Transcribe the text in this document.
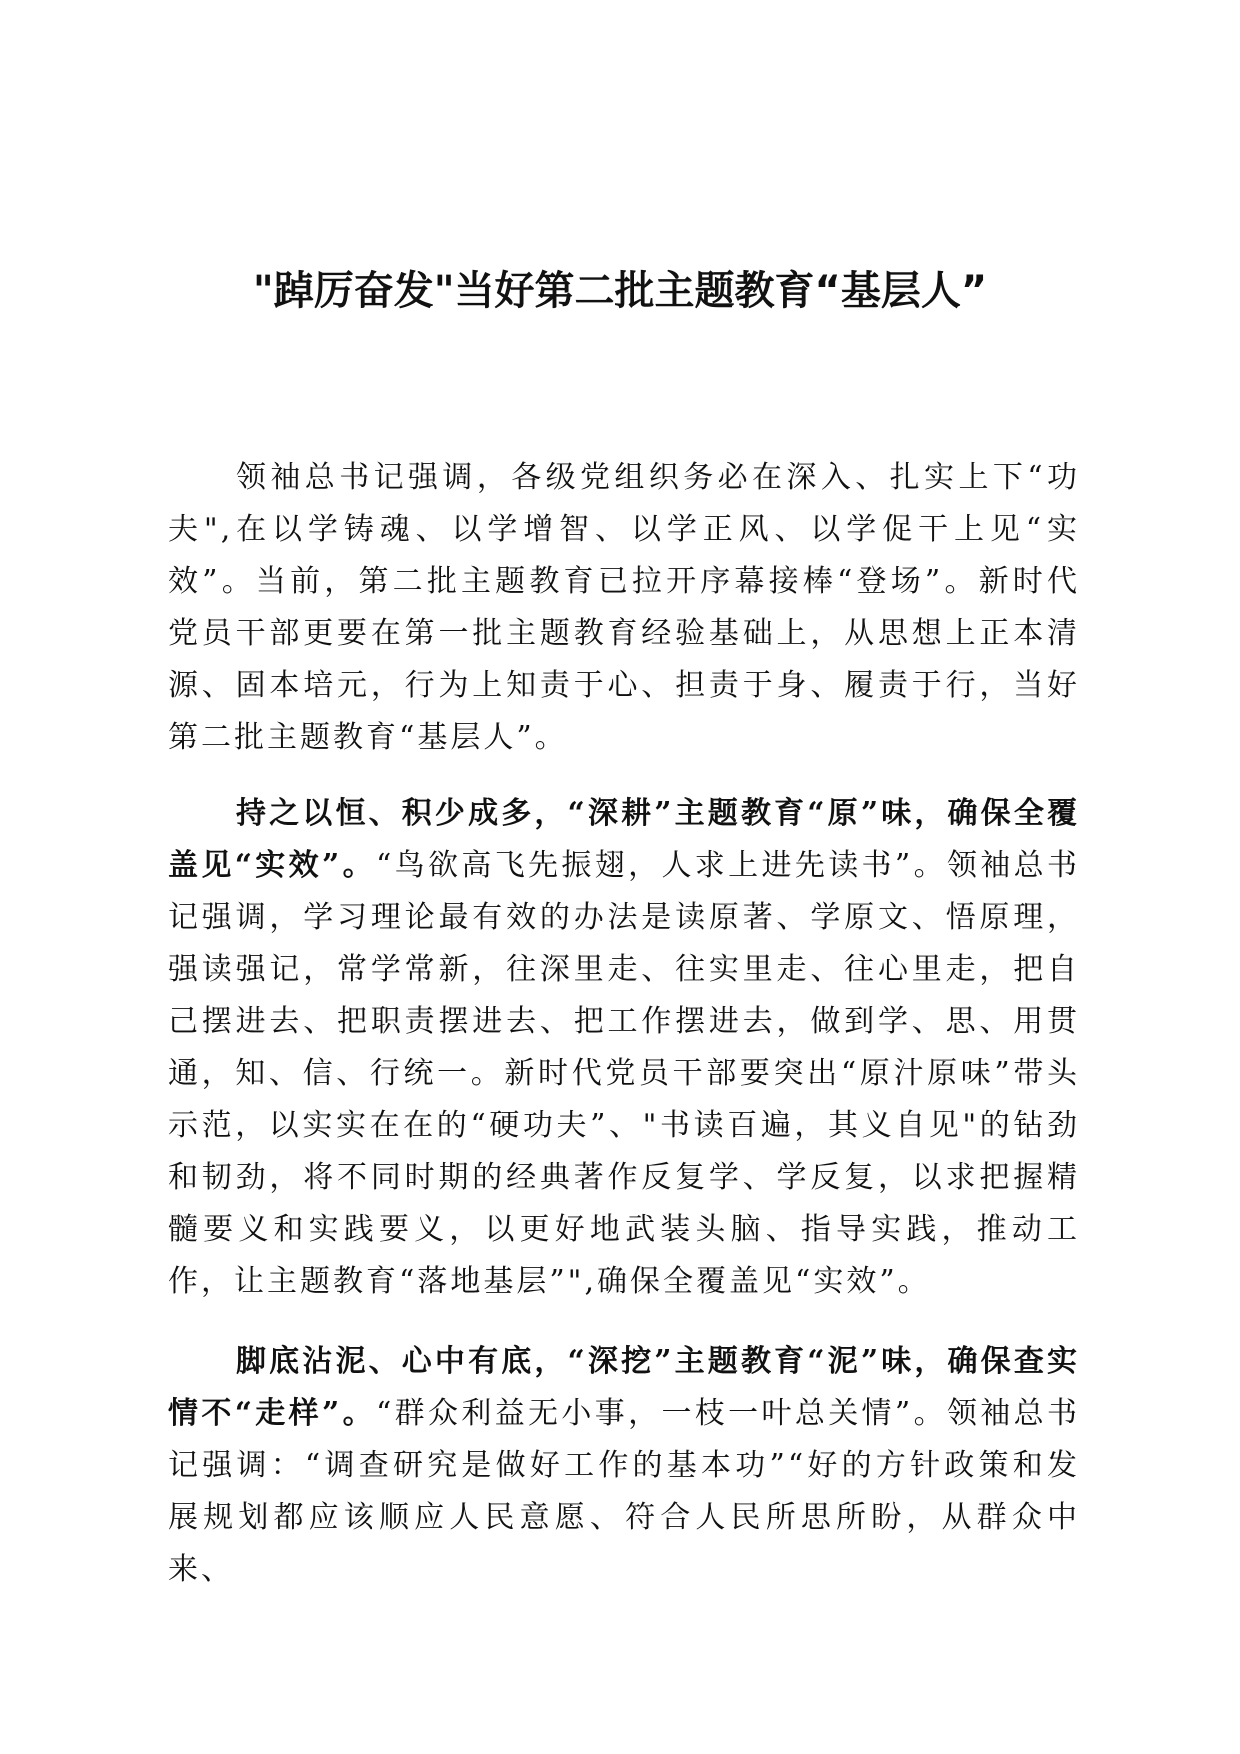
"踔厉奋发"当好第二批主题教育“基层人”

领袖总书记强调，各级党组织务必在深入、扎实上下“功夫",在以学铸魂、以学增智、以学正风、以学促干上见“实效”。当前，第二批主题教育已拉开序幕接棒“登场”。新时代党员干部更要在第一批主题教育经验基础上，从思想上正本清源、固本培元，行为上知责于心、担责于身、履责于行，当好第二批主题教育“基层人”。

持之以恒、积少成多，“深耕”主题教育“原”味，确保全覆盖见“实效”。“鸟欲高飞先振翅，人求上进先读书”。领袖总书记强调，学习理论最有效的办法是读原著、学原文、悟原理，强读强记，常学常新，往深里走、往实里走、往心里走，把自己摆进去、把职责摆进去、把工作摆进去，做到学、思、用贯通，知、信、行统一。新时代党员干部要突出“原汁原味”带头示范，以实实在在的“硬功夫”、"书读百遍，其义自见"的钻劲和韧劲，将不同时期的经典著作反复学、学反复，以求把握精髓要义和实践要义，以更好地武装头脑、指导实践，推动工作，让主题教育“落地基层”",确保全覆盖见“实效”。

脚底沾泥、心中有底，“深挖”主题教育“泥”味，确保查实情不“走样”。“群众利益无小事，一枝一叶总关情”。领袖总书记强调：“调查研究是做好工作的基本功”“好的方针政策和发展规划都应该顺应人民意愿、符合人民所思所盼，从群众中来、
